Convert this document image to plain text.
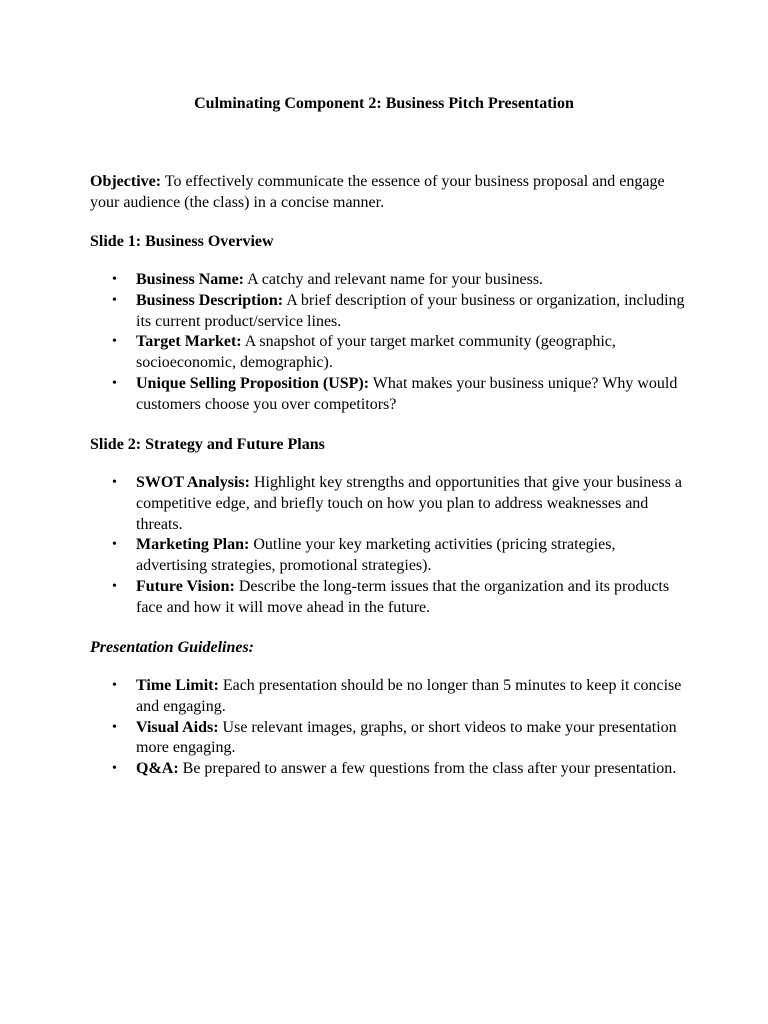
Culminating Component 2: Business Pitch Presentation

Objective: To effectively communicate the essence of your business proposal and engage your audience (the class) in a concise manner.

Slide 1: Business Overview

• Business Name: A catchy and relevant name for your business.
• Business Description: A brief description of your business or organization, including its current product/service lines.
• Target Market: A snapshot of your target market community (geographic, socioeconomic, demographic).
• Unique Selling Proposition (USP): What makes your business unique? Why would customers choose you over competitors?

Slide 2: Strategy and Future Plans

• SWOT Analysis: Highlight key strengths and opportunities that give your business a competitive edge, and briefly touch on how you plan to address weaknesses and threats.
• Marketing Plan: Outline your key marketing activities (pricing strategies, advertising strategies, promotional strategies).
• Future Vision: Describe the long-term issues that the organization and its products face and how it will move ahead in the future.

Presentation Guidelines:

• Time Limit: Each presentation should be no longer than 5 minutes to keep it concise and engaging.
• Visual Aids: Use relevant images, graphs, or short videos to make your presentation more engaging.
• Q&A: Be prepared to answer a few questions from the class after your presentation.
